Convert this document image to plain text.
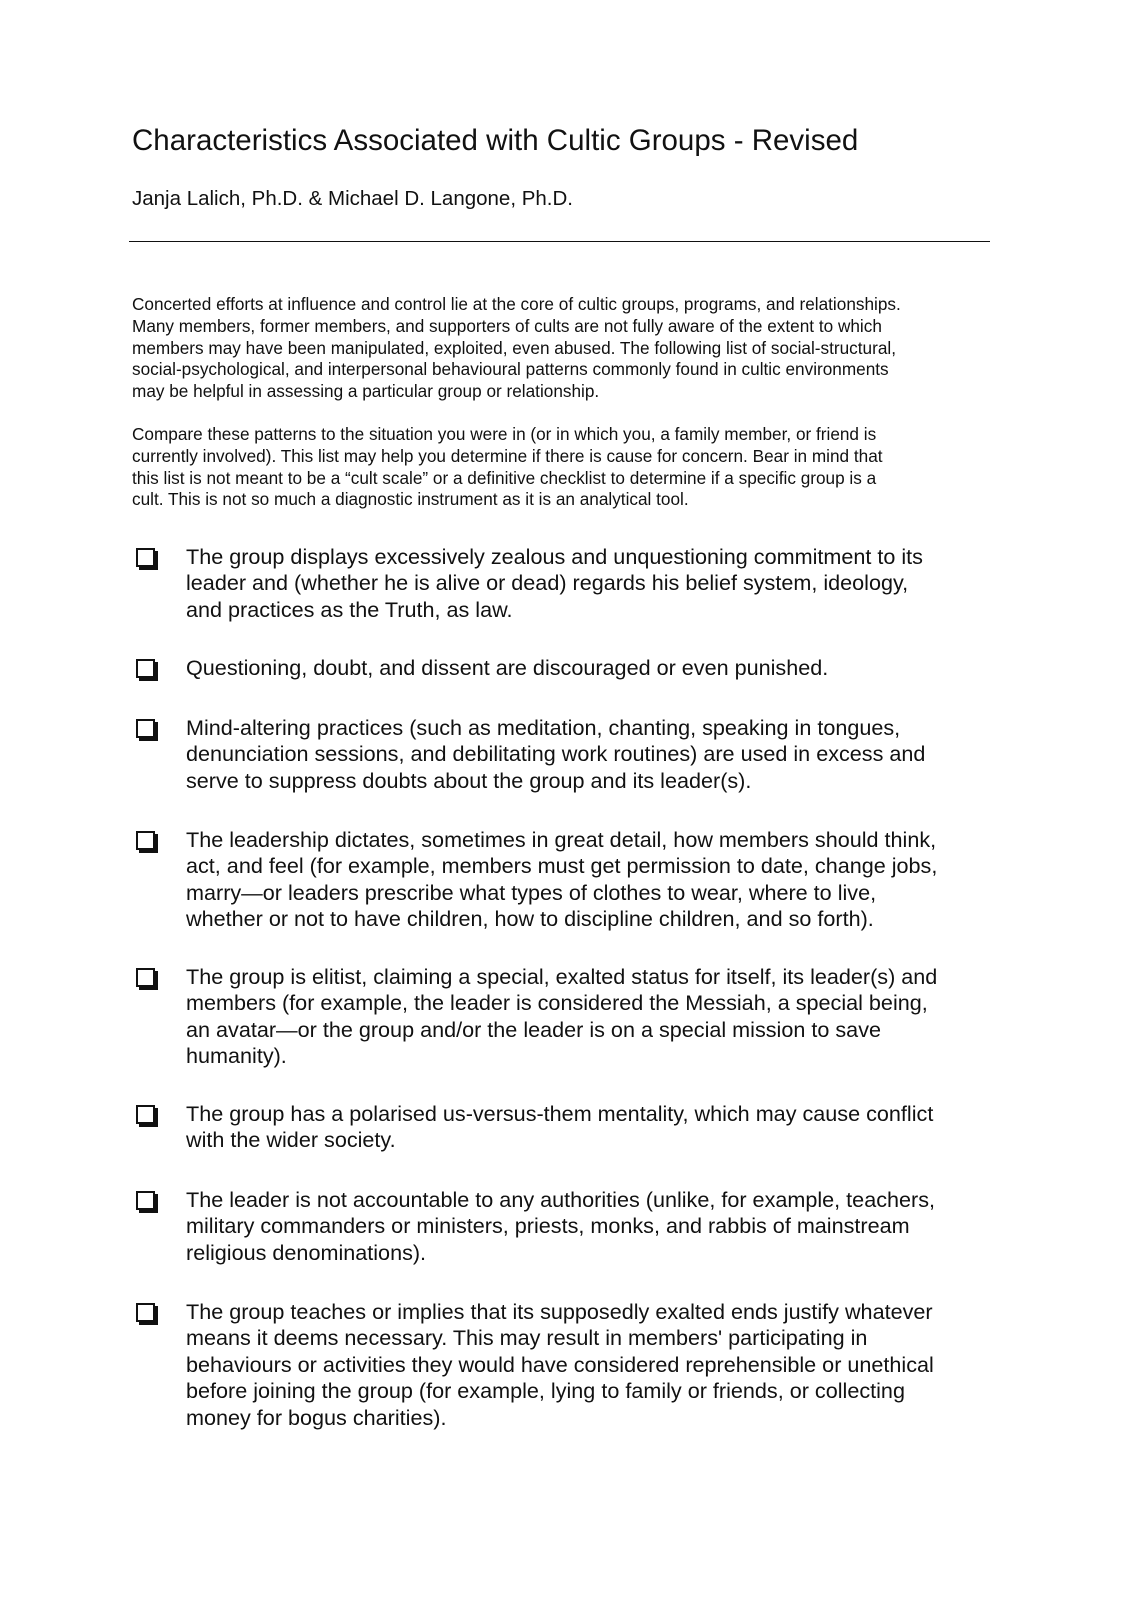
Characteristics Associated with Cultic Groups - Revised
Janja Lalich, Ph.D. & Michael D. Langone, Ph.D.
Concerted efforts at influence and control lie at the core of cultic groups, programs, and relationships.
Many members, former members, and supporters of cults are not fully aware of the extent to which
members may have been manipulated, exploited, even abused. The following list of social-structural,
social-psychological, and interpersonal behavioural patterns commonly found in cultic environments
may be helpful in assessing a particular group or relationship.
Compare these patterns to the situation you were in (or in which you, a family member, or friend is
currently involved). This list may help you determine if there is cause for concern. Bear in mind that
this list is not meant to be a “cult scale” or a definitive checklist to determine if a specific group is a
cult. This is not so much a diagnostic instrument as it is an analytical tool.
The group displays excessively zealous and unquestioning commitment to its
leader and (whether he is alive or dead) regards his belief system, ideology,
and practices as the Truth, as law.
Questioning, doubt, and dissent are discouraged or even punished.
Mind-altering practices (such as meditation, chanting, speaking in tongues,
denunciation sessions, and debilitating work routines) are used in excess and
serve to suppress doubts about the group and its leader(s).
The leadership dictates, sometimes in great detail, how members should think,
act, and feel (for example, members must get permission to date, change jobs,
marry—or leaders prescribe what types of clothes to wear, where to live,
whether or not to have children, how to discipline children, and so forth).
The group is elitist, claiming a special, exalted status for itself, its leader(s) and
members (for example, the leader is considered the Messiah, a special being,
an avatar—or the group and/or the leader is on a special mission to save
humanity).
The group has a polarised us-versus-them mentality, which may cause conflict
with the wider society.
The leader is not accountable to any authorities (unlike, for example, teachers,
military commanders or ministers, priests, monks, and rabbis of mainstream
religious denominations).
The group teaches or implies that its supposedly exalted ends justify whatever
means it deems necessary. This may result in members' participating in
behaviours or activities they would have considered reprehensible or unethical
before joining the group (for example, lying to family or friends, or collecting
money for bogus charities).
